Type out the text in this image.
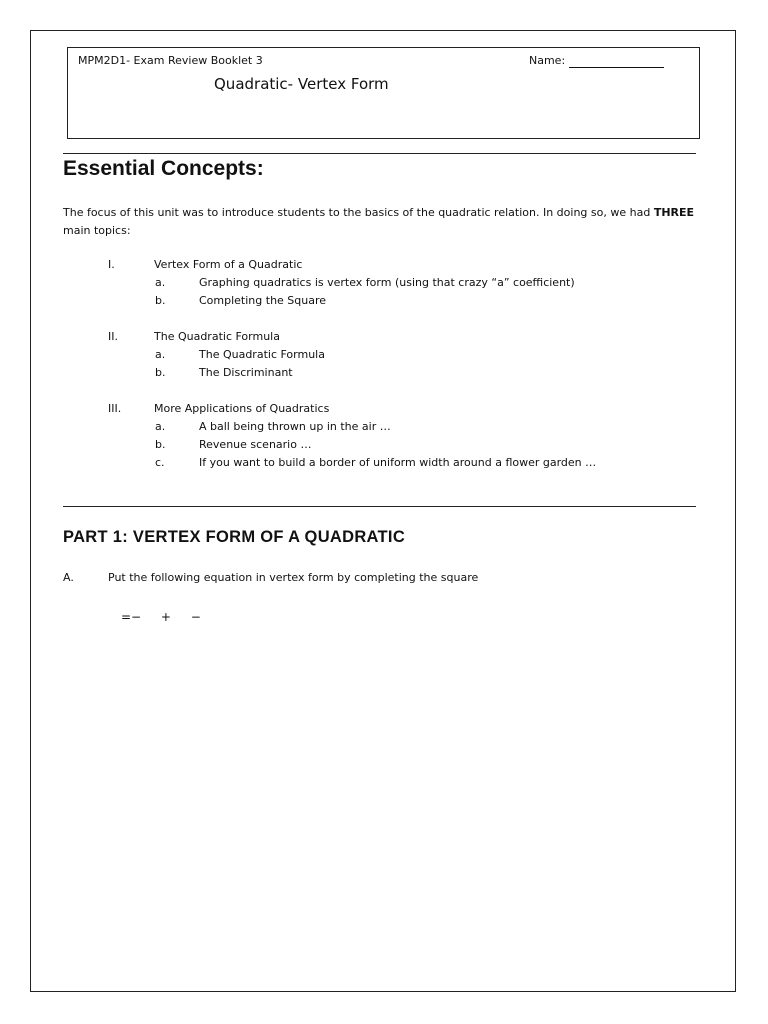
MPM2D1- Exam Review Booklet 3	Name:
Quadratic- Vertex Form
Essential Concepts:
The focus of this unit was to introduce students to the basics of the quadratic relation. In doing so, we had THREE main topics:
I.	Vertex Form of a Quadratic
a.	Graphing quadratics is vertex form (using that crazy “a” coefficient)
b.	Completing the Square
II.	The Quadratic Formula
a.	The Quadratic Formula
b.	The Discriminant
III.	More Applications of Quadratics
a.	A ball being thrown up in the air …
b.	Revenue scenario …
c.	If you want to build a border of uniform width around a flower garden …
PART 1: VERTEX FORM OF A QUADRATIC
A.	Put the following equation in vertex form by completing the square
=− + −
